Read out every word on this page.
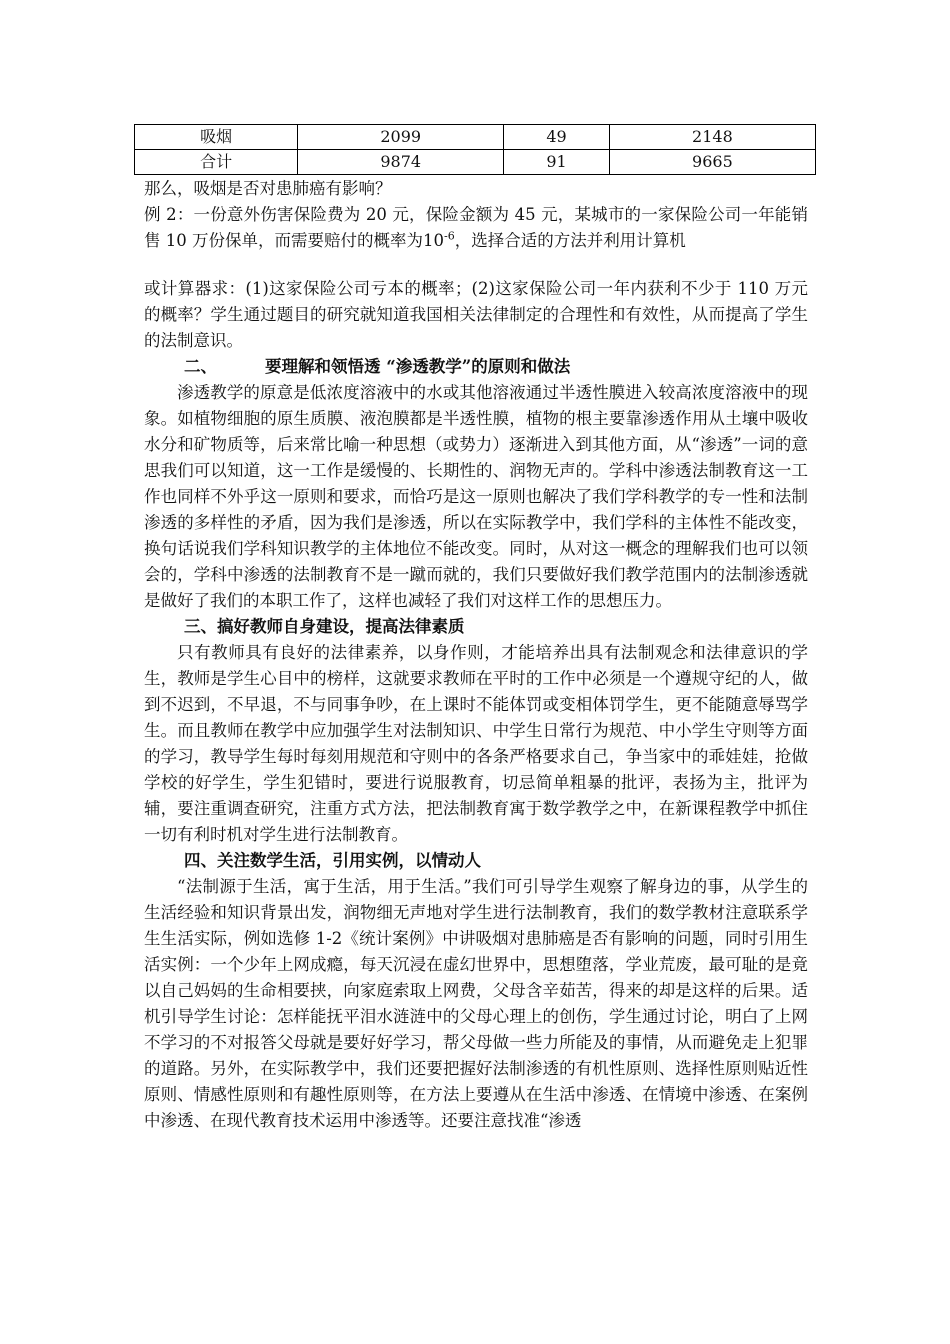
吸烟	2099	49	2148
合计	9874	91	9665

那么，吸烟是否对患肺癌有影响？

例 2：一份意外伤害保险费为 20 元，保险金额为 45 元，某城市的一家保险公司一年能销售 10 万份保单，而需要赔付的概率为$10^{-6}$，选择合适的方法并利用计算机

或计算器求：(1)这家保险公司亏本的概率；(2)这家保险公司一年内获利不少于 110 万元的概率？学生通过题目的研究就知道我国相关法律制定的合理性和有效性，从而提高了学生的法制意识。

二、	要理解和领悟透 “渗透教学”的原则和做法

渗透教学的原意是低浓度溶液中的水或其他溶液通过半透性膜进入较高浓度溶液中的现象。如植物细胞的原生质膜、液泡膜都是半透性膜，植物的根主要靠渗透作用从土壤中吸收水分和矿物质等，后来常比喻一种思想（或势力）逐渐进入到其他方面，从“渗透”一词的意思我们可以知道，这一工作是缓慢的、长期性的、润物无声的。学科中渗透法制教育这一工作也同样不外乎这一原则和要求，而恰巧是这一原则也解决了我们学科教学的专一性和法制渗透的多样性的矛盾，因为我们是渗透，所以在实际教学中，我们学科的主体性不能改变，换句话说我们学科知识教学的主体地位不能改变。同时，从对这一概念的理解我们也可以领会的，学科中渗透的法制教育不是一蹴而就的，我们只要做好我们教学范围内的法制渗透就是做好了我们的本职工作了，这样也减轻了我们对这样工作的思想压力。

三、搞好教师自身建设，提高法律素质

只有教师具有良好的法律素养，以身作则，才能培养出具有法制观念和法律意识的学生，教师是学生心目中的榜样，这就要求教师在平时的工作中必须是一个遵规守纪的人，做到不迟到，不早退，不与同事争吵，在上课时不能体罚或变相体罚学生，更不能随意辱骂学生。而且教师在教学中应加强学生对法制知识、中学生日常行为规范、中小学生守则等方面的学习，教导学生每时每刻用规范和守则中的各条严格要求自己，争当家中的乖娃娃，抢做学校的好学生，学生犯错时，要进行说服教育，切忌简单粗暴的批评，表扬为主，批评为辅，要注重调查研究，注重方式方法，把法制教育寓于数学教学之中，在新课程教学中抓住一切有利时机对学生进行法制教育。

四、关注数学生活，引用实例，以情动人

“法制源于生活，寓于生活，用于生活。”我们可引导学生观察了解身边的事，从学生的生活经验和知识背景出发，润物细无声地对学生进行法制教育，我们的数学教材注意联系学生生活实际，例如选修 1-2《统计案例》中讲吸烟对患肺癌是否有影响的问题，同时引用生活实例：一个少年上网成瘾，每天沉浸在虚幻世界中，思想堕落，学业荒废，最可耻的是竟以自己妈妈的生命相要挟，向家庭索取上网费，父母含辛茹苦，得来的却是这样的后果。适机引导学生讨论：怎样能抚平泪水涟涟中的父母心理上的创伤，学生通过讨论，明白了上网不学习的不对报答父母就是要好好学习，帮父母做一些力所能及的事情，从而避免走上犯罪的道路。另外，在实际教学中，我们还要把握好法制渗透的有机性原则、选择性原则贴近性原则、情感性原则和有趣性原则等，在方法上要遵从在生活中渗透、在情境中渗透、在案例中渗透、在现代教育技术运用中渗透等。还要注意找准“渗透
